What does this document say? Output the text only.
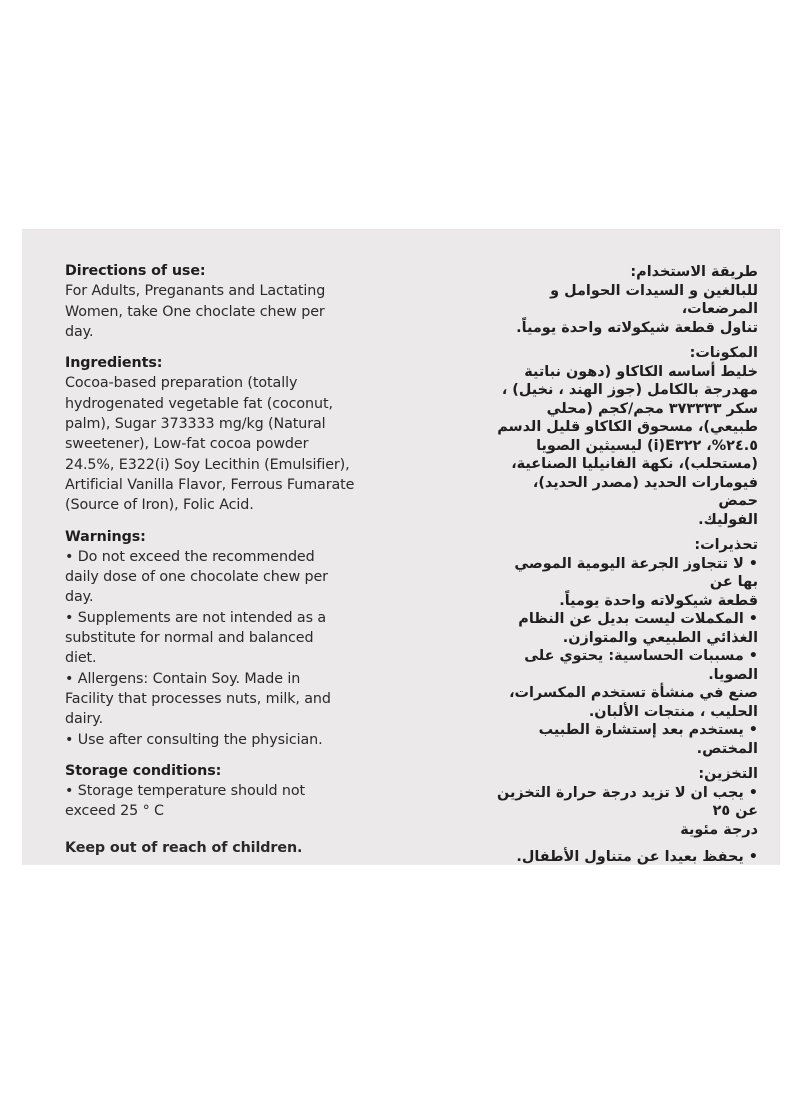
Directions of use:
For Adults, Preganants and Lactating
Women, take One choclate chew per
day.
Ingredients:
Cocoa-based preparation (totally
hydrogenated vegetable fat (coconut,
palm), Sugar 373333 mg/kg (Natural
sweetener), Low-fat cocoa powder
24.5%, E322(i) Soy Lecithin (Emulsifier),
Artificial Vanilla Flavor, Ferrous Fumarate
(Source of Iron), Folic Acid.
Warnings:
• Do not exceed the recommended
daily dose of one chocolate chew per
day.
• Supplements are not intended as a
substitute for normal and balanced
diet.
• Allergens: Contain Soy. Made in
Facility that processes nuts, milk, and
dairy.
• Use after consulting the physician.
Storage conditions:
• Storage temperature should not
exceed 25 ° C
Keep out of reach of children.
طريقة الاستخدام:
للبالغين و السيدات الحوامل و المرضعات،
تناول قطعة شيكولاته واحدة يومياً.
المكونات:
خليط أساسه الكاكاو (دهون نباتية
مهدرجة بالكامل (جوز الهند ، نخيل) ،
سكر ٣٧٣٣٣٣ مجم/كجم (محلي
طبيعي)، مسحوق الكاكاو قليل الدسم
٢٤.٥%، E٣٢٢(i) ليسيثين الصويا
(مستحلب)، نكهة الفانيليا الصناعية،
فيومارات الحديد (مصدر الحديد)، حمض
الفوليك.
تحذيرات:
• لا تتجاوز الجرعة اليومية الموصي بها عن
قطعة شيكولاته واحدة يومياً.
• المكملات ليست بديل عن النظام
الغذائي الطبيعي والمتوازن.
• مسببات الحساسية: يحتوي على الصويا.
صنع في منشأة تستخدم المكسرات،
الحليب ، منتجات الألبان.
• يستخدم بعد إستشارة الطبيب
المختص.
التخزين:
• يجب ان لا تزيد درجة حرارة التخزين عن ٢٥
درجة مئوية
• يحفظ بعيدا عن متناول الأطفال.
